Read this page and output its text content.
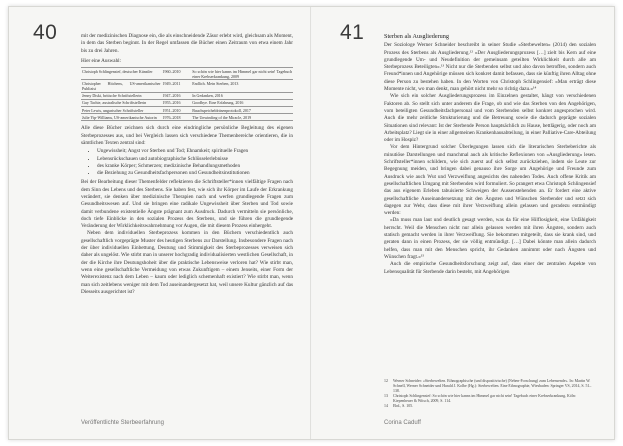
40	mit der medizinischen Diagnose ein, die als einschneidende Zäsur erlebt wird, gleichsam als Moment, in dem das Sterben beginnt. In der Regel umfassen die Bücher einen Zeitraum von etwa einem Jahr bis zu drei Jahren.

Hier eine Auswahl:
Christoph Schlingensief, deutscher Künstler	1960–2010	So schön wie hier kanns im Himmel gar nicht sein! Tagebuch einer Krebserkrankung, 2009
Christopher Hitchens, US-amerikanischer Publizist	1949–2011	Endlich. Mein Sterben, 2013
Jenny Diski, britische Schriftstellerin	1947–2016	In Gedanken, 2016
Guy Tachie, australische Schriftstellerin	1955–2016	Goodbye. Eine Erfahrung, 2016
Peter Lewis, ungarischer Schriftsteller	1951–2010	Bauchspeicheldrüsenprotokoll, 2017
Julie Yip-Williams, US-amerikanische Autorin	1976–2018	The Unwinding of the Miracle, 2019

Alle diese Bücher zeichnen sich durch eine eindringliche persönliche Begleitung des eigenen Sterbeprozesses aus, und bei Vergleich lassen sich verschiedene Themenbereiche orientieren, die in sämtlichen Texten zentral sind:

• Ungewissheit; Angst vor Sterben und Tod; Ehnamkeit; spirituelle Fragen
• Lebensrückschauen und autobiographische Schlüsselerlebnisse
• des kranke Körper; Schmerzen; medizinische Behandlungsmethoden
• die Beziehung zu Gesundheitsfachpersonen und Gesundheitsinstitutionen

Bei der Bearbeitung dieser Themenfelder reflektieren die Schriftsteller*innen vielfältige Fragen nach dem Sinn des Lebens und des Sterbens. Sie haben fest, wie sich ihr Körper im Laufe der Erkrankung verändert, sie denken über medizinische Therapien nach und werfen grundlegende Fragen zum Gesundheitswesen auf. Und sie bringen eine radikale Ungewissheit über Sterben und Tod sowie damit verbundene existentielle Ängste prägnant zum Ausdruck. Dadurch vermitteln sie persönliche, doch tiefe Einblicke in den sozialen Prozess des Sterbens, und sie führen die grundlegende Veränderung der Wirklichkeitswahrnehmung vor Augen, die mit diesem Prozess einhergeht.

Neben dem individuellen Sterbeprozess kommen in den Büchern verschiedentlich auch gesellschaftlich vorgeprägte Muster des heutigen Sterbens zur Darstellung. Insbesondere Fragen nach der über individuellen Einbettung, Deutung und Stimmigkeit des Sterbeprozesses verweisen sich daher als ungelöst. Wie stirbt man in unserer hochgradig individualisierten westlichen Gesellschaft, in der die Kirche ihre Deutungshoheit über die praktische Lebensweise verloren hat? Wie stirbt man, wenn eine gesellschaftliche Vermeidung von etwas Zukunftigem – einem Jenseits, einer Form der Weiterexistenz nach dem Leben – kaum oder lediglich schemenhaft existiert? Wie stirbt man, wenn man sich zeitlebens weniger mit dem Tod auseinandergesetzt hat, weil unsere Kultur gänzlich auf das Diesseits ausgerichtet ist?

Veröffentlichte Sterbeerfahrung
41	Sterben als Ausgliederung

Der Soziologe Werner Schneider beschreibt in seiner Studie «Sterbewelten» (2014) den sozialen Prozess des Sterbens als Ausgliederung.¹² «Der Ausgliederungsprozess […] zielt bis Kern auf eine grundlegende Um- und Neudefinition der gemeinsam geteilten Wirklichkeit durch alle am Sterbeprozess Beteiligten».¹³ Nicht nur die Sterbenden selbst und also davon betroffen, sondern auch Freund*innen und Angehörige müssen sich konkret damit befassen, dass sie künftig ihren Alltag ohne diese Person zu bestehen haben. In den Worten von Christoph Schlingensief: «Man erträgt diese Momente nicht, wo man denkt, man gehört nicht mehr so richtig dazu.»¹⁴

Wie sich ein solcher Ausgliederungsprozess im Einzelnen gestaltet, hängt von verschiedenen Faktoren ab. So stellt sich unter anderem die Frage, ob und wie das Sterben von den Angehörigen, vom beteiligten Gesundheitsfachpersonal und vom Sterbenden selbst konkret angesprochen wird. Auch die mehr zeitliche Strukturierung und die Betreuung sowie die dadurch geprägte sozialen Situationen sind relevant: Ist der Sterbende Person hauptsächlich zu Hause, bettlägerig, oder noch am Arbeitsplatz? Liegt sie in einer allgemeinen Krankenhausabteilung, in einer Palliative-Care-Abteilung oder im Hospiz?

Vor dem Hintergrund solcher Überlegungen lassen sich die literarischen Sterbeberichte als minutiöse Darstellungen und manchmal auch als kritische Reflexionen von «Ausgliederung» lesen. Schriftsteller*innen schildern, wie sich zuerst auf sich selbst zurückziehen, indem sie Leute zur Begegnung meiden, und bringen dabei genauso ihre Sorge um Angehörige und Freunde zum Ausdruck wie auch Wut und Verzweiflung angesichts des nahenden Todes. Auch offene Kritik am gesellschaftlichen Umgang mit Sterbenden wird formuliert. So prangert etwa Christoph Schlingensief das aus eigenem Erleben tabuisierte Schweigen der Aussenstehenden an. Er fordert eine aktive gesellschaftliche Auseinandersetzung mit den Ängsten und Wünschen Sterbender und setzt sich dagegen zur Wehr, dass diese mit ihrer Verzweiflung allein gelassen und geradezu entmündigt werden:

«Da muss man laut und deutlich gesagt werden, was da für eine Hilflosigkeit, eine Unfähigkeit herrscht. Weil die Menschen nicht nur allein gelassen werden mit ihren Ängsten, sondern auch statisch gemacht werden in ihrer Verzweiflung. Sie bekommen mitgeteilt, dass sie krank sind, und geraten dann in einen Prozess, der sie völlig entmündigt. […] Dabei könnte man allein dadurch helfen, dass man mit den Menschen spricht, ihr Gedanken annimmt oder nach Ängsten und Wünschen fragt.»¹⁵

Auch die empirische Gesundheitsforschung zeigt auf, dass einer der zentralen Aspekte von Lebensqualität für Sterbende darin besteht, mit Angehörigen

12	Werner Schneider: «Sterbewelten. Ethnographische (und dispositivische) (Neben-Forschung) zum Lebensende». In: Martin W. Schnell, Werner Schneider und Harald J. Kolbe (Hg.): Sterbewelten. Eine Ethnographie, Wiesbaden: Springer VS, 2014, S. 51–138.
13	Christoph Schlingensief: So schön wie hier kanns im Himmel gar nicht sein! Tagebuch einer Krebserkrankung, Köln: Kiepenheuer & Witsch, 2009, S. 114.
14	Ebd., S. 105.
Corina Caduff
